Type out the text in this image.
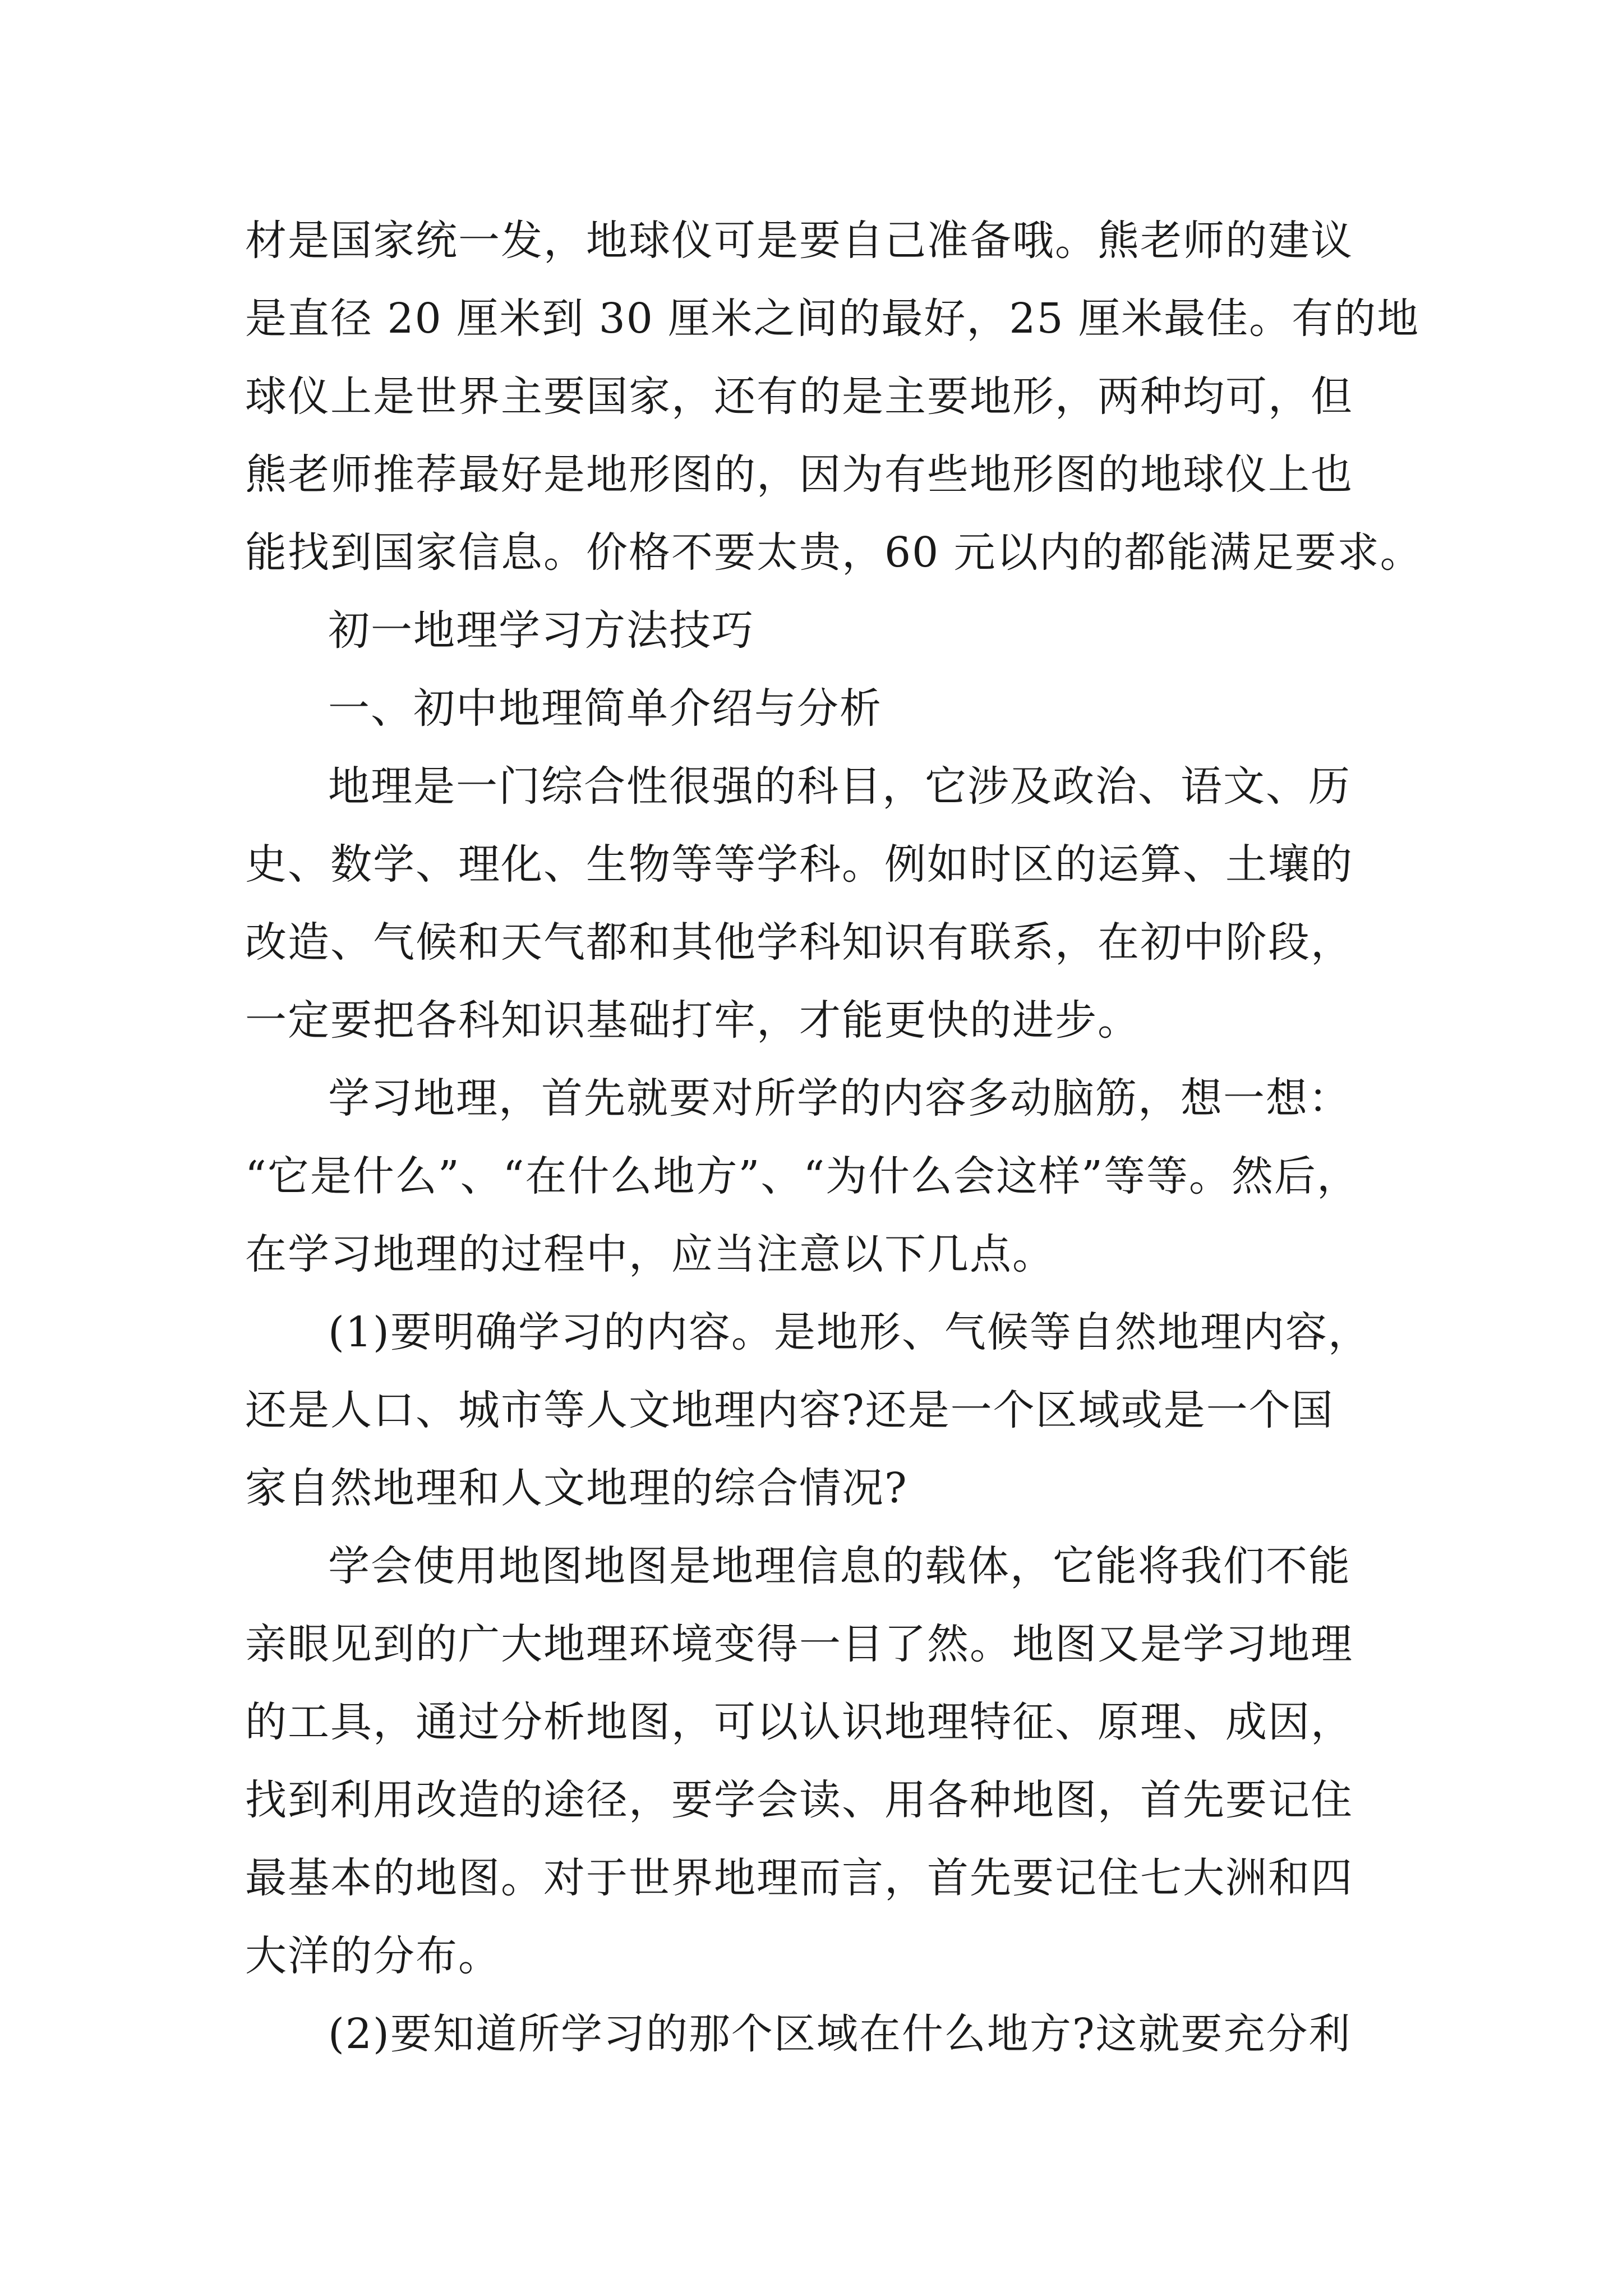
材是国家统一发，地球仪可是要自己准备哦。熊老师的建议
是直径 20 厘米到 30 厘米之间的最好，25 厘米最佳。有的地
球仪上是世界主要国家，还有的是主要地形，两种均可，但
熊老师推荐最好是地形图的，因为有些地形图的地球仪上也
能找到国家信息。价格不要太贵，60 元以内的都能满足要求。
初一地理学习方法技巧
一、初中地理简单介绍与分析
地理是一门综合性很强的科目，它涉及政治、语文、历
史、数学、理化、生物等等学科。例如时区的运算、土壤的
改造、气候和天气都和其他学科知识有联系，在初中阶段，
一定要把各科知识基础打牢，才能更快的进步。
学习地理，首先就要对所学的内容多动脑筋，想一想：
“它是什么”、“在什么地方”、“为什么会这样”等等。然后，
在学习地理的过程中，应当注意以下几点。
(1)要明确学习的内容。是地形、气候等自然地理内容，
还是人口、城市等人文地理内容?还是一个区域或是一个国
家自然地理和人文地理的综合情况?
学会使用地图地图是地理信息的载体，它能将我们不能
亲眼见到的广大地理环境变得一目了然。地图又是学习地理
的工具，通过分析地图，可以认识地理特征、原理、成因，
找到利用改造的途径，要学会读、用各种地图，首先要记住
最基本的地图。对于世界地理而言，首先要记住七大洲和四
大洋的分布。
(2)要知道所学习的那个区域在什么地方?这就要充分利
